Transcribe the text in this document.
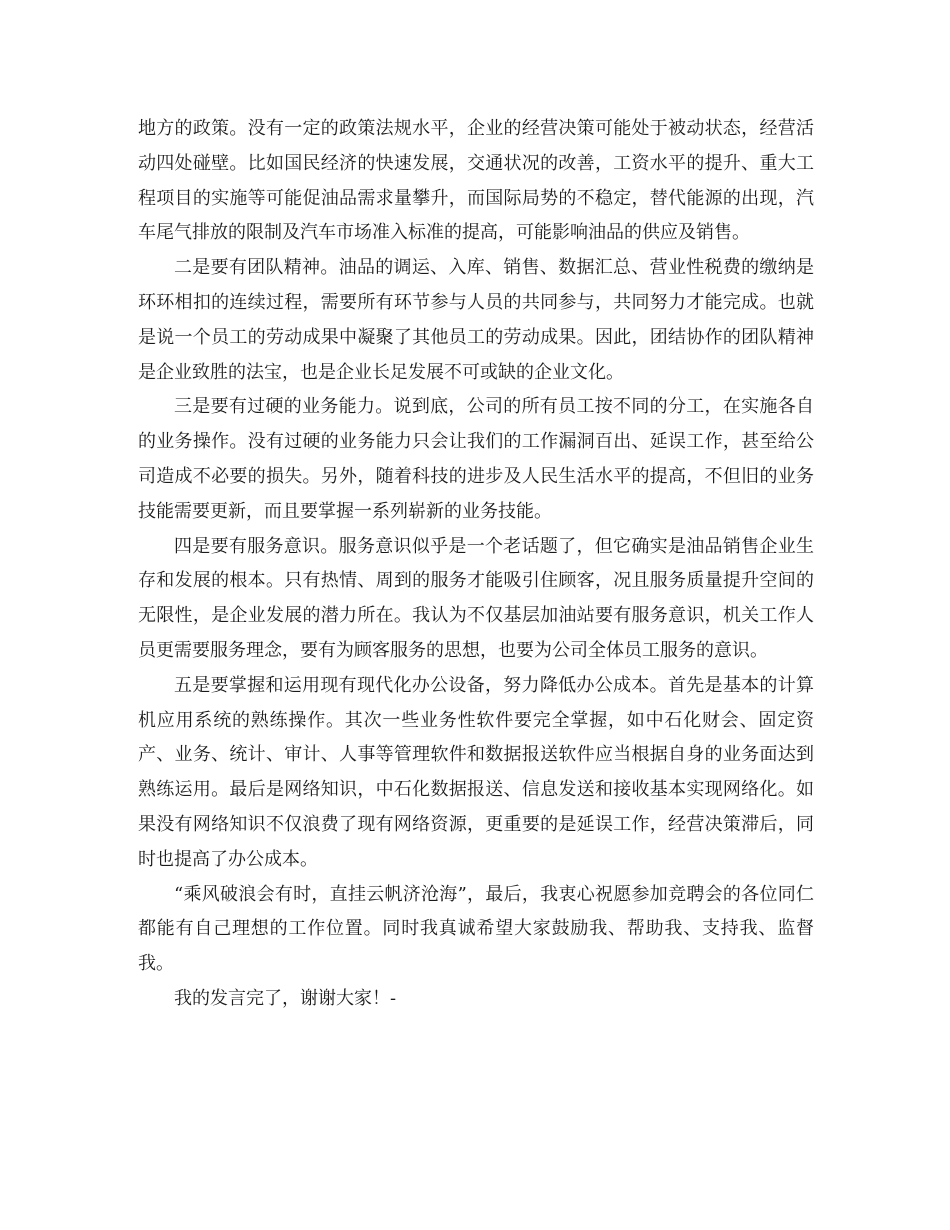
地方的政策。没有一定的政策法规水平，企业的经营决策可能处于被动状态，经营活动四处碰壁。比如国民经济的快速发展，交通状况的改善，工资水平的提升、重大工程项目的实施等可能促油品需求量攀升，而国际局势的不稳定，替代能源的出现，汽车尾气排放的限制及汽车市场准入标准的提高，可能影响油品的供应及销售。

二是要有团队精神。油品的调运、入库、销售、数据汇总、营业性税费的缴纳是环环相扣的连续过程，需要所有环节参与人员的共同参与，共同努力才能完成。也就是说一个员工的劳动成果中凝聚了其他员工的劳动成果。因此，团结协作的团队精神是企业致胜的法宝，也是企业长足发展不可或缺的企业文化。

三是要有过硬的业务能力。说到底，公司的所有员工按不同的分工，在实施各自的业务操作。没有过硬的业务能力只会让我们的工作漏洞百出、延误工作，甚至给公司造成不必要的损失。另外，随着科技的进步及人民生活水平的提高，不但旧的业务技能需要更新，而且要掌握一系列崭新的业务技能。

四是要有服务意识。服务意识似乎是一个老话题了，但它确实是油品销售企业生存和发展的根本。只有热情、周到的服务才能吸引住顾客，况且服务质量提升空间的无限性，是企业发展的潜力所在。我认为不仅基层加油站要有服务意识，机关工作人员更需要服务理念，要有为顾客服务的思想，也要为公司全体员工服务的意识。

五是要掌握和运用现有现代化办公设备，努力降低办公成本。首先是基本的计算机应用系统的熟练操作。其次一些业务性软件要完全掌握，如中石化财会、固定资产、业务、统计、审计、人事等管理软件和数据报送软件应当根据自身的业务面达到熟练运用。最后是网络知识，中石化数据报送、信息发送和接收基本实现网络化。如果没有网络知识不仅浪费了现有网络资源，更重要的是延误工作，经营决策滞后，同时也提高了办公成本。

“乘风破浪会有时，直挂云帆济沧海”，最后，我衷心祝愿参加竞聘会的各位同仁都能有自己理想的工作位置。同时我真诚希望大家鼓励我、帮助我、支持我、监督我。

我的发言完了，谢谢大家！-
